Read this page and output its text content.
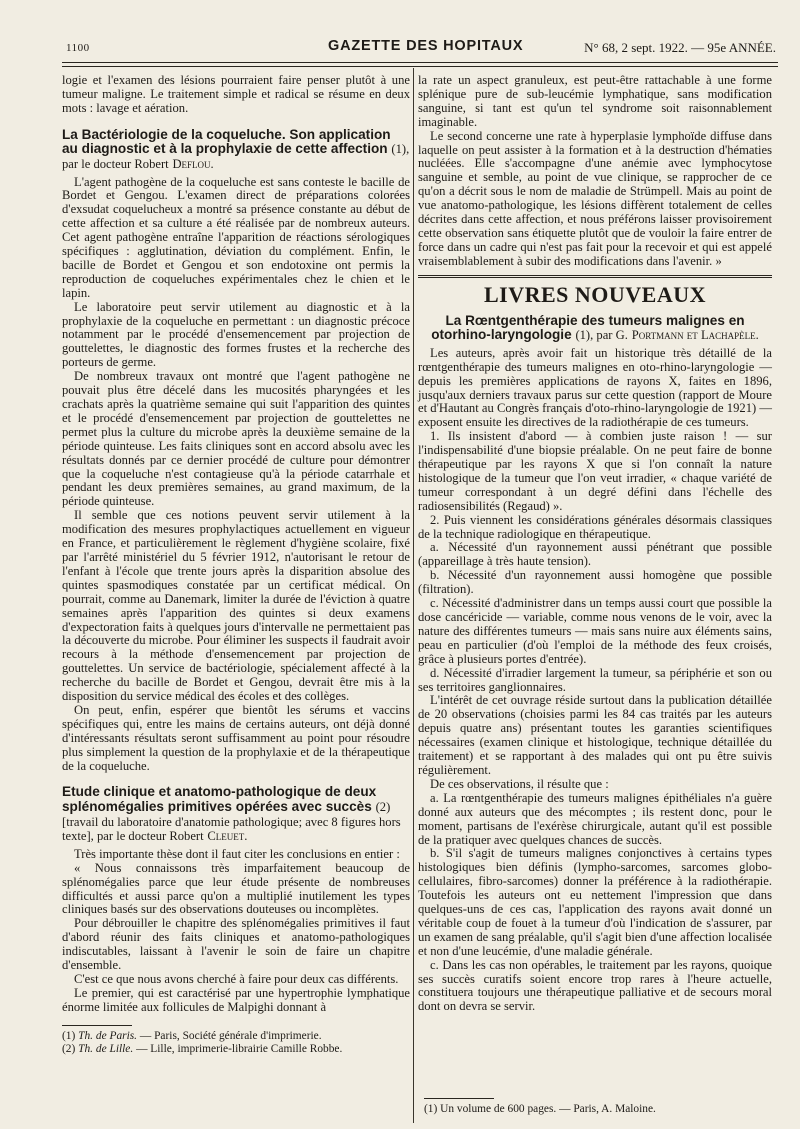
1100	GAZETTE DES HOPITAUX	N° 68, 2 sept. 1922. — 95e ANNÉE.

logie et l'examen des lésions pourraient faire penser plutôt à une tumeur maligne. Le traitement simple et radical se résume en deux mots : lavage et aération.

La Bactériologie de la coqueluche. Son application au diagnostic et à la prophylaxie de cette affection (1), par le docteur Robert Deflou.

L'agent pathogène de la coqueluche est sans conteste le bacille de Bordet et Gengou. L'examen direct de préparations colorées d'exsudat coquelucheux a montré sa présence constante au début de cette affection et sa culture a été réalisée par de nombreux auteurs. Cet agent pathogène entraîne l'apparition de réactions sérologiques spécifiques : agglutination, déviation du complément. Enfin, le bacille de Bordet et Gengou et son endotoxine ont permis la reproduction de coqueluches expérimentales chez le chien et le lapin.

Le laboratoire peut servir utilement au diagnostic et à la prophylaxie de la coqueluche en permettant : un diagnostic précoce notamment par le procédé d'ensemencement par projection de gouttelettes, le diagnostic des formes frustes et la recherche des porteurs de germe.

De nombreux travaux ont montré que l'agent pathogène ne pouvait plus être décelé dans les mucosités pharyngées et les crachats après la quatrième semaine qui suit l'apparition des quintes et le procédé d'ensemencement par projection de gouttelettes ne permet plus la culture du microbe après la deuxième semaine de la période quinteuse. Les faits cliniques sont en accord absolu avec les résultats donnés par ce dernier procédé de culture pour démontrer que la coqueluche n'est contagieuse qu'à la période catarrhale et pendant les deux premières semaines, au grand maximum, de la période quinteuse.

Il semble que ces notions peuvent servir utilement à la modification des mesures prophylactiques actuellement en vigueur en France, et particulièrement le règlement d'hygiène scolaire, fixé par l'arrêté ministériel du 5 février 1912, n'autorisant le retour de l'enfant à l'école que trente jours après la disparition absolue des quintes spasmodiques constatée par un certificat médical. On pourrait, comme au Danemark, limiter la durée de l'éviction à quatre semaines après l'apparition des quintes si deux examens d'expectoration faits à quelques jours d'intervalle ne permettaient pas la découverte du microbe. Pour éliminer les suspects il faudrait avoir recours à la méthode d'ensemencement par projection de gouttelettes. Un service de bactériologie, spécialement affecté à la recherche du bacille de Bordet et Gengou, devrait être mis à la disposition du service médical des écoles et des collèges.

On peut, enfin, espérer que bientôt les sérums et vaccins spécifiques qui, entre les mains de certains auteurs, ont déjà donné d'intéressants résultats seront suffisamment au point pour résoudre plus simplement la question de la prophylaxie et de la thérapeutique de la coqueluche.

Etude clinique et anatomo-pathologique de deux splénomégalies primitives opérées avec succès (2) [travail du laboratoire d'anatomie pathologique; avec 8 figures hors texte], par le docteur Robert Cleuet.

Très importante thèse dont il faut citer les conclusions en entier :

« Nous connaissons très imparfaitement beaucoup de splénomégalies parce que leur étude présente de nombreuses difficultés et aussi parce qu'on a multiplié inutilement les types cliniques basés sur des observations douteuses ou incomplètes.

Pour débrouiller le chapitre des splénomégalies primitives il faut d'abord réunir des faits cliniques et anatomo-pathologiques indiscutables, laissant à l'avenir le soin de faire un chapitre d'ensemble.

C'est ce que nous avons cherché à faire pour deux cas différents.

Le premier, qui est caractérisé par une hypertrophie lymphatique énorme limitée aux follicules de Malpighi donnant à

(1) Th. de Paris. — Paris, Société générale d'imprimerie.
(2) Th. de Lille. — Lille, imprimerie-librairie Camille Robbe.

la rate un aspect granuleux, est peut-être rattachable à une forme splénique pure de sub-leucémie lymphatique, sans modification sanguine, si tant est qu'un tel syndrome soit raisonnablement imaginable.

Le second concerne une rate à hyperplasie lymphoïde diffuse dans laquelle on peut assister à la formation et à la destruction d'hématies nucléées. Elle s'accompagne d'une anémie avec lymphocytose sanguine et semble, au point de vue clinique, se rapprocher de ce qu'on a décrit sous le nom de maladie de Strümpell. Mais au point de vue anatomo-pathologique, les lésions diffèrent totalement de celles décrites dans cette affection, et nous préférons laisser provisoirement cette observation sans étiquette plutôt que de vouloir la faire entrer de force dans un cadre qui n'est pas fait pour la recevoir et qui est appelé vraisemblablement à subir des modifications dans l'avenir. »

LIVRES NOUVEAUX
La Rœntgenthérapie des tumeurs malignes en otorhino-laryngologie (1), par G. Portmann et Lachapèle.

Les auteurs, après avoir fait un historique très détaillé de la rœntgenthérapie des tumeurs malignes en oto-rhino-laryngologie — depuis les premières applications de rayons X, faites en 1896, jusqu'aux derniers travaux parus sur cette question (rapport de Moure et d'Hautant au Congrès français d'oto-rhino-laryngologie de 1921) — exposent ensuite les directives de la radiothérapie de ces tumeurs.

1. Ils insistent d'abord — à combien juste raison ! — sur l'indispensabilité d'une biopsie préalable. On ne peut faire de bonne thérapeutique par les rayons X que si l'on connaît la nature histologique de la tumeur que l'on veut irradier, « chaque variété de tumeur correspondant à un degré défini dans l'échelle des radiosensibilités (Regaud) ».

2. Puis viennent les considérations générales désormais classiques de la technique radiologique en thérapeutique.

a. Nécessité d'un rayonnement aussi pénétrant que possible (appareillage à très haute tension).

b. Nécessité d'un rayonnement aussi homogène que possible (filtration).

c. Nécessité d'administrer dans un temps aussi court que possible la dose cancéricide — variable, comme nous venons de le voir, avec la nature des différentes tumeurs — mais sans nuire aux éléments sains, peau en particulier (d'où l'emploi de la méthode des feux croisés, grâce à plusieurs portes d'entrée).

d. Nécessité d'irradier largement la tumeur, sa périphérie et son ou ses territoires ganglionnaires.

L'intérêt de cet ouvrage réside surtout dans la publication détaillée de 20 observations (choisies parmi les 84 cas traités par les auteurs depuis quatre ans) présentant toutes les garanties scientifiques nécessaires (examen clinique et histologique, technique détaillée du traitement) et se rapportant à des malades qui ont pu être suivis régulièrement.

De ces observations, il résulte que :

a. La rœntgenthérapie des tumeurs malignes épithéliales n'a guère donné aux auteurs que des mécomptes ; ils restent donc, pour le moment, partisans de l'exérèse chirurgicale, autant qu'il est possible de la pratiquer avec quelques chances de succès.

b. S'il s'agit de tumeurs malignes conjonctives à certains types histologiques bien définis (lympho-sarcomes, sarcomes globo-cellulaires, fibro-sarcomes) donner la préférence à la radiothérapie. Toutefois les auteurs ont eu nettement l'impression que dans quelques-uns de ces cas, l'application des rayons avait donné un véritable coup de fouet à la tumeur d'où l'indication de s'assurer, par un examen de sang préalable, qu'il s'agit bien d'une affection localisée et non d'une leucémie, d'une maladie générale.

c. Dans les cas non opérables, le traitement par les rayons, quoique ses succès curatifs soient encore trop rares à l'heure actuelle, constituera toujours une thérapeutique palliative et de secours moral dont on devra se servir.

(1) Un volume de 600 pages. — Paris, A. Maloine.
